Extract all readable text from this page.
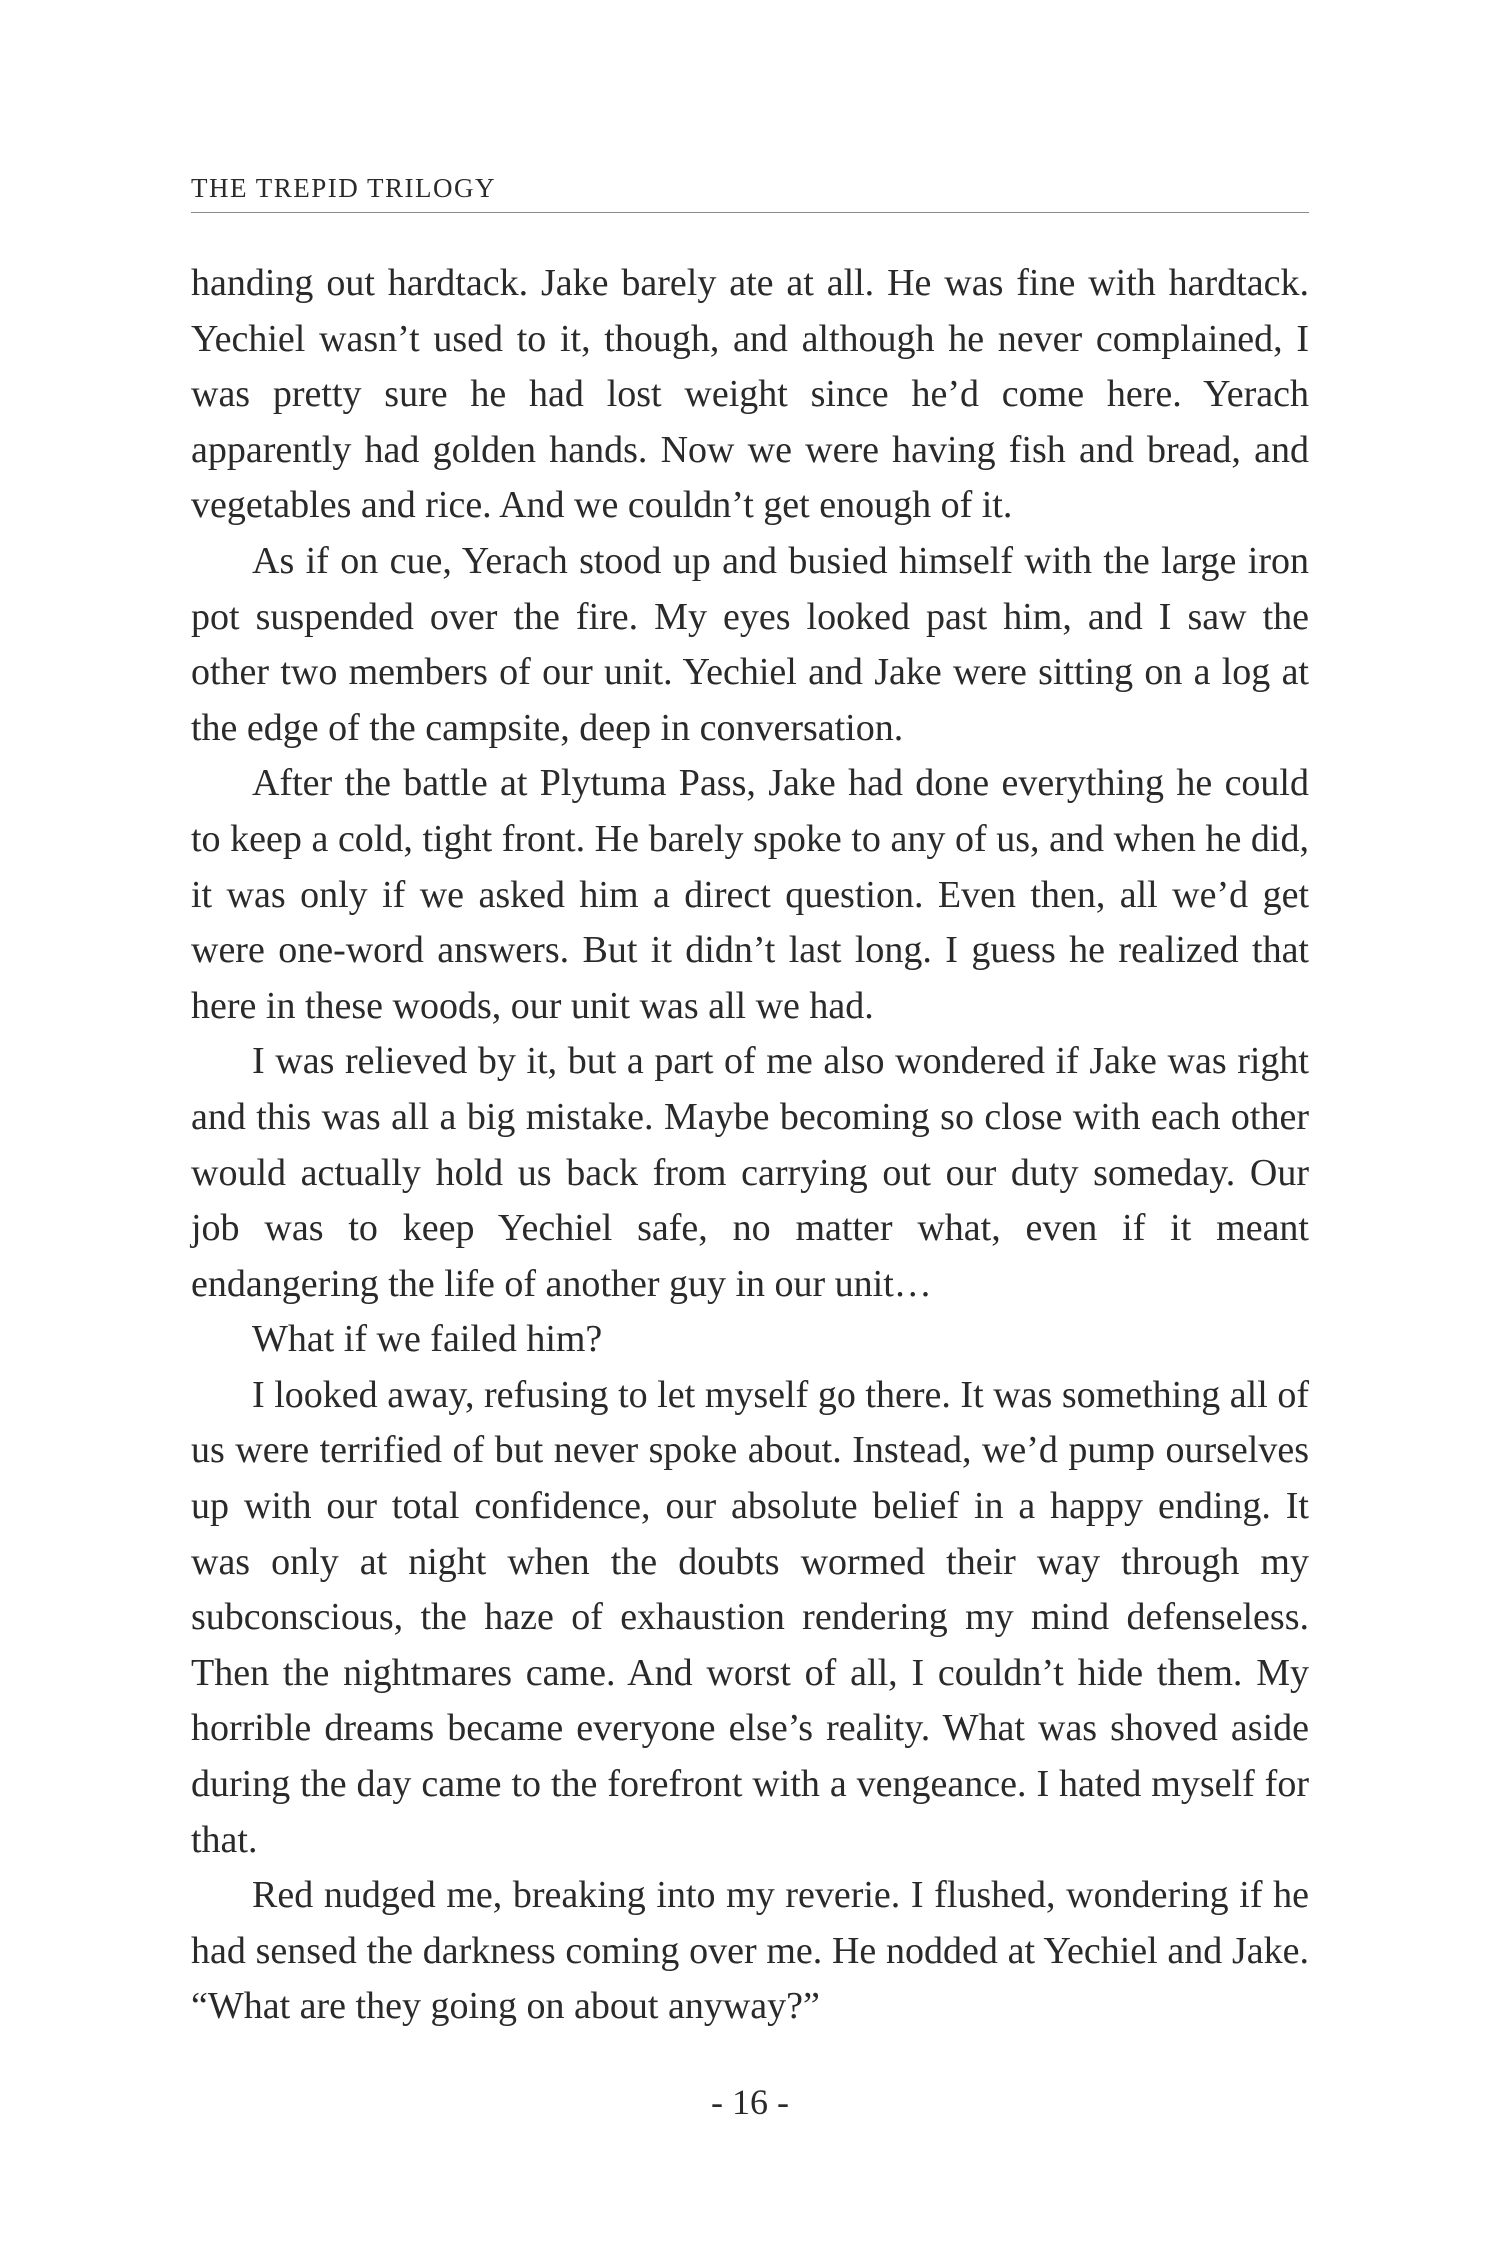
THE TREPID TRILOGY

handing out hardtack. Jake barely ate at all. He was fine with hardtack. Yechiel wasn’t used to it, though, and although he never complained, I was pretty sure he had lost weight since he’d come here. Yerach apparently had golden hands. Now we were having fish and bread, and vegetables and rice. And we couldn’t get enough of it.

As if on cue, Yerach stood up and busied himself with the large iron pot suspended over the fire. My eyes looked past him, and I saw the other two members of our unit. Yechiel and Jake were sitting on a log at the edge of the campsite, deep in conversation.

After the battle at Plytuma Pass, Jake had done everything he could to keep a cold, tight front. He barely spoke to any of us, and when he did, it was only if we asked him a direct question. Even then, all we’d get were one-word answers. But it didn’t last long. I guess he realized that here in these woods, our unit was all we had.

I was relieved by it, but a part of me also wondered if Jake was right and this was all a big mistake. Maybe becoming so close with each other would actually hold us back from carrying out our duty someday. Our job was to keep Yechiel safe, no matter what, even if it meant endangering the life of another guy in our unit…

What if we failed him?

I looked away, refusing to let myself go there. It was something all of us were terrified of but never spoke about. Instead, we’d pump ourselves up with our total confidence, our absolute belief in a happy ending. It was only at night when the doubts wormed their way through my subconscious, the haze of exhaustion rendering my mind defenseless. Then the nightmares came. And worst of all, I couldn’t hide them. My horrible dreams became everyone else’s reality. What was shoved aside during the day came to the forefront with a vengeance. I hated myself for that.

Red nudged me, breaking into my reverie. I flushed, wondering if he had sensed the darkness coming over me. He nodded at Yechiel and Jake. “What are they going on about anyway?”

- 16 -
